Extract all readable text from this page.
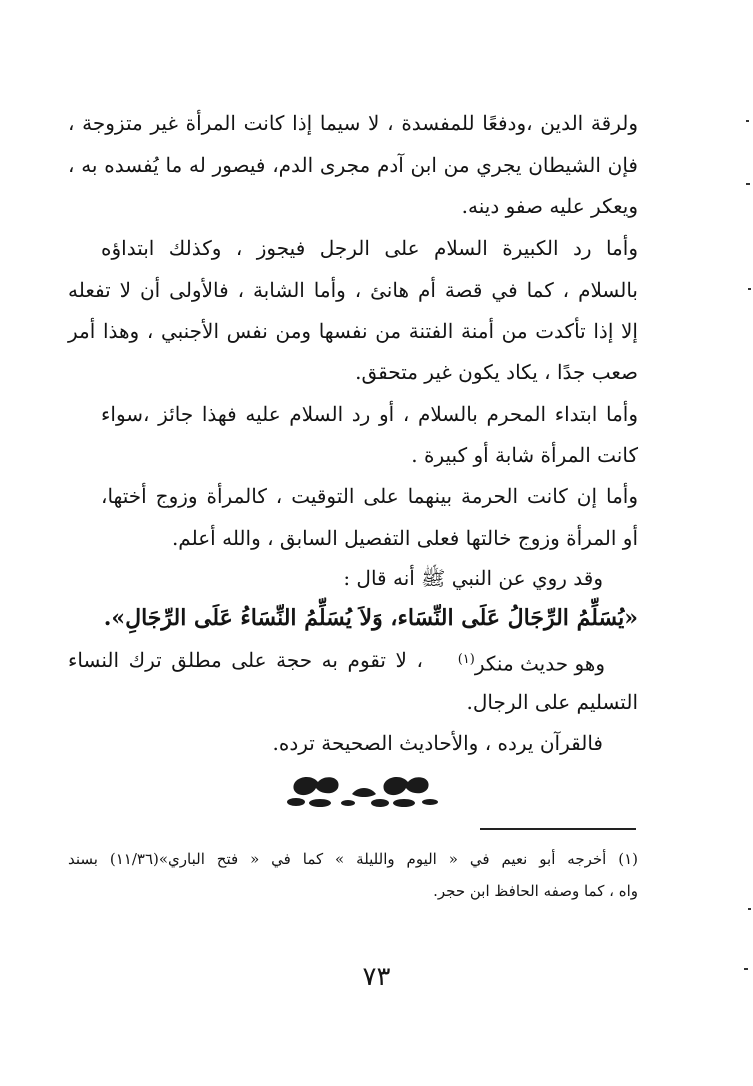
ولرقة الدين ،ودفعًا للمفسدة ، لا سيما إذا كانت المرأة غير متزوجة ،
فإن الشيطان يجري من ابن آدم مجرى الدم، فيصور له ما يُفسده به ،
ويعكر عليه صفو دينه.
وأما رد الكبيرة السلام على الرجل فيجوز ، وكذلك ابتداؤه
بالسلام ، كما في قصة أم هانئ ، وأما الشابة ، فالأولى أن لا تفعله
إلا إذا تأكدت من أمنة الفتنة من نفسها ومن نفس الأجنبي ، وهذا أمر
صعب جدًا ، يكاد يكون غير متحقق.
وأما ابتداء المحرم بالسلام ، أو رد السلام عليه فهذا جائز ،سواء
كانت المرأة شابة أو كبيرة .
وأما إن كانت الحرمة بينهما على التوقيت ، كالمرأة وزوج أختها،
أو المرأة وزوج خالتها فعلى التفصيل السابق ، والله أعلم.
وقد روي عن النبي ﷺ أنه قال :
«يُسَلِّمُ الرِّجَالُ عَلَى النِّسَاء، وَلاَ يُسَلِّمُ النِّسَاءُ عَلَى الرِّجَالِ».
وهو حديث منكر$^{(١)}$
، لا تقوم به حجة على مطلق ترك النساء
التسليم على الرجال.
فالقرآن يرده ، والأحاديث الصحيحة ترده.
(١) أخرجه أبو نعيم في « اليوم والليلة » كما في « فتح الباري»(١١/٣٦) بسند
واه ، كما وصفه الحافظ ابن حجر.
٧٣
